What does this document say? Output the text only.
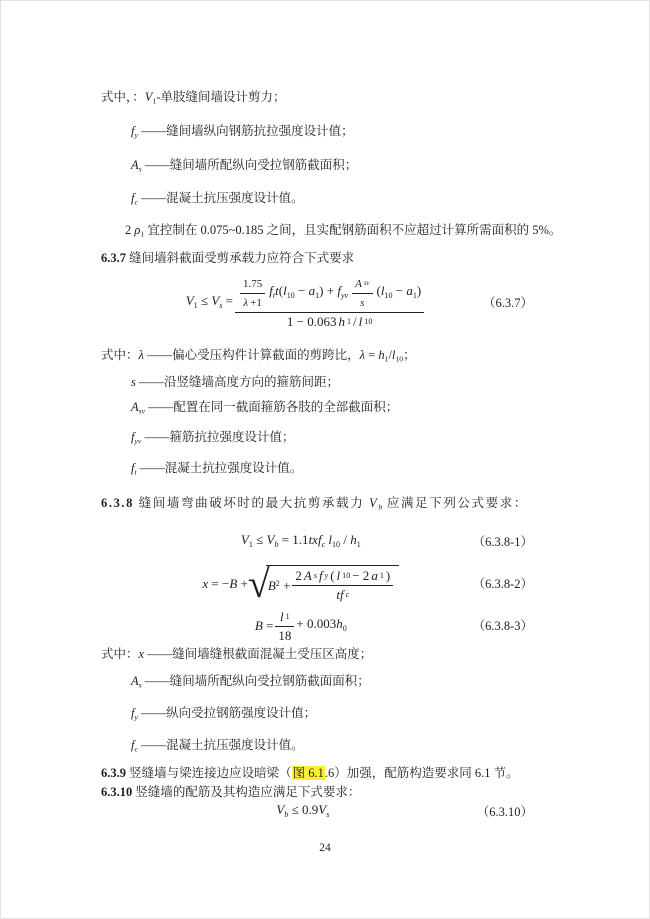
式中，：$V_1-$单肢缝间墙设计剪力；
$f_y$ ——缝间墙纵向钢筋抗拉强度设计值；
$A_s$ ——缝间墙所配纵向受拉钢筋截面积；
$f_c$ ——混凝土抗压强度设计值。
2 $\rho_1$ 宜控制在 0.075~0.185 之间，且实配钢筋面积不应超过计算所需面积的 5%。
6.3.7 缝间墙斜截面受剪承载力应符合下式要求
$V_1 \le V_s = \frac{1.75}{\lambda +1} f_tt(l_{10} - a_1) + f_{yv} \frac{\text{A sv}}{s} (l_{10} - a_1)$
1 − 0.063 h 1 / l 10
（6.3.7）
式中：λ ——偏心受压构件计算截面的剪跨比，$\lambda = h_1/l_{10}$；
s ——沿竖缝墙高度方向的箍筋间距；
$A_{sv}$ ——配置在同一截面箍筋各肢的全部截面积；
$f_{yv}$ ——箍筋抗拉强度设计值；
$f_t$ ——混凝土抗拉强度设计值。
6.3.8 缝间墙弯曲破坏时的最大抗剪承载力 $V_b$ 应满足下列公式要求：
$V_1 \le V_b = 1.1txf_c$ $l_{10} / h_1$	（6.3.8-1）
x = −B + √
$B^2 + \frac{\text{2 A s f y ( l 10 − 2 a 1 )}}{\text{tf c}}$	（6.3.8-2）
$B = \frac{l 1}{18} + 0.003h_0$	（6.3.8-3）
式中：x ——缝间墙缝根截面混凝土受压区高度；
$A_s$ ——缝间墙所配纵向受拉钢筋截面面积；
$f_y$ ——纵向受拉钢筋强度设计值；
$f_c$ ——混凝土抗压强度设计值。
6.3.9 竖缝墙与梁连接边应设暗梁（图 6.1.6）加强，配筋构造要求同 6.1 节。
6.3.10 竖缝墙的配筋及其构造应满足下式要求：
$V_b \le 0.9V_s$	（6.3.10）
24
